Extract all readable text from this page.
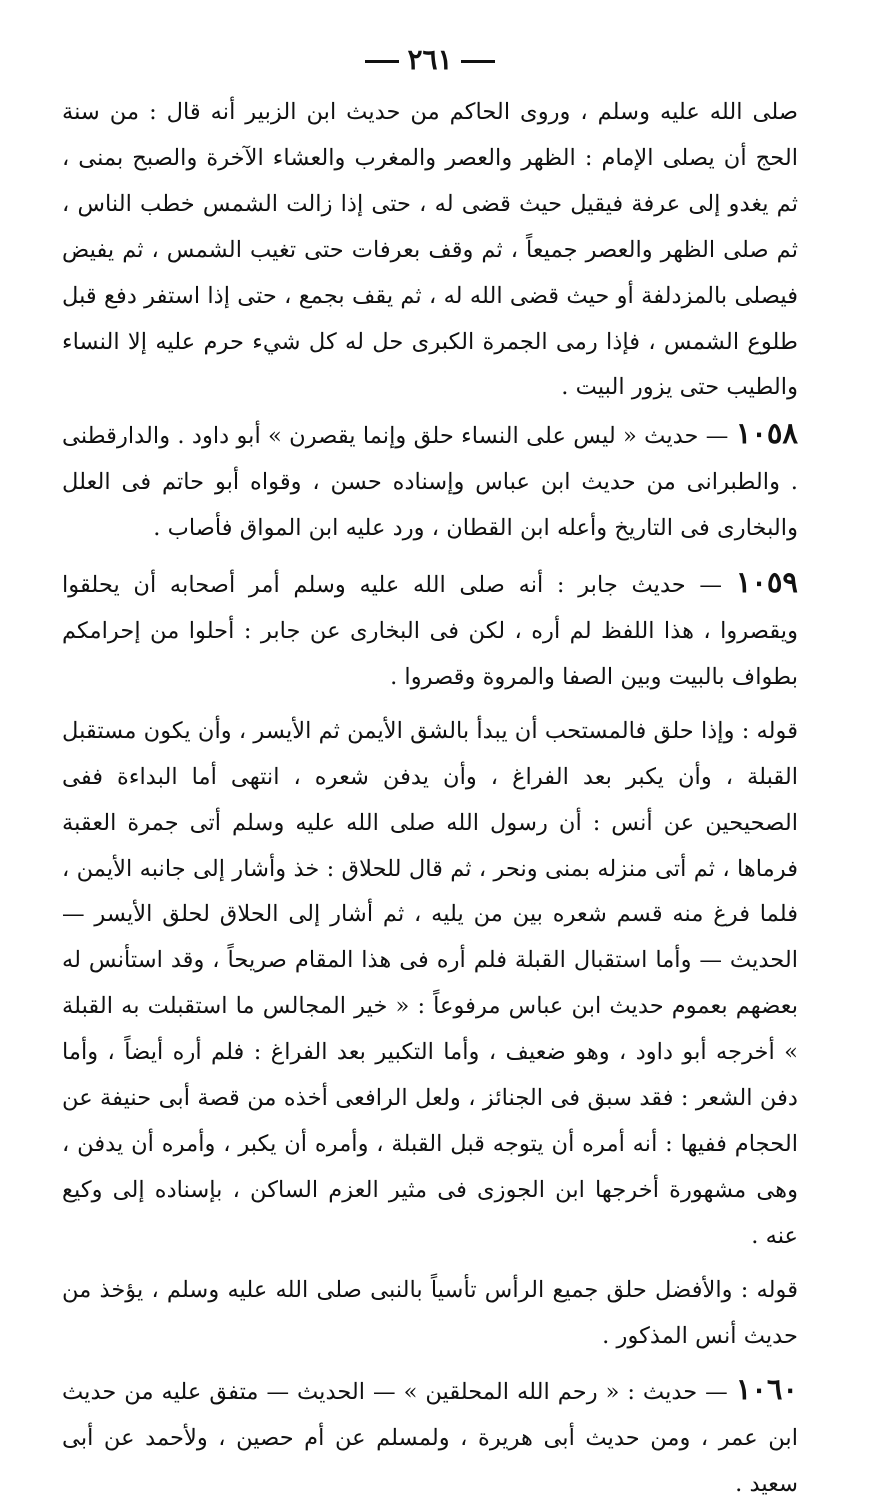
٢٦١

صلى الله عليه وسلم ، وروى الحاكم من حديث ابن الزبير أنه قال : من سنة الحج أن يصلى الإمام : الظهر والعصر والمغرب والعشاء الآخرة والصبح بمنى ، ثم يغدو إلى عرفة فيقيل حيث قضى له ، حتى إذا زالت الشمس خطب الناس ، ثم صلى الظهر والعصر جميعاً ، ثم وقف بعرفات حتى تغيب الشمس ، ثم يفيض فيصلى بالمزدلفة أو حيث قضى الله له ، ثم يقف بجمع ، حتى إذا استفر دفع قبل طلوع الشمس ، فإذا رمى الجمرة الكبرى حل له كل شيء حرم عليه إلا النساء والطيب حتى يزور البيت .

١٠٥٨ — حديث « ليس على النساء حلق وإنما يقصرن » أبو داود . والدارقطنى . والطبرانى من حديث ابن عباس وإسناده حسن ، وقواه أبو حاتم فى العلل والبخارى فى التاريخ وأعله ابن القطان ، ورد عليه ابن المواق فأصاب .

١٠٥٩ — حديث جابر : أنه صلى الله عليه وسلم أمر أصحابه أن يحلقوا ويقصروا ، هذا اللفظ لم أره ، لكن فى البخارى عن جابر : أحلوا من إحرامكم بطواف بالبيت وبين الصفا والمروة وقصروا .

قوله : وإذا حلق فالمستحب أن يبدأ بالشق الأيمن ثم الأيسر ، وأن يكون مستقبل القبلة ، وأن يكبر بعد الفراغ ، وأن يدفن شعره ، انتهى أما البداءة ففى الصحيحين عن أنس : أن رسول الله صلى الله عليه وسلم أتى جمرة العقبة فرماها ، ثم أتى منزله بمنى ونحر ، ثم قال للحلاق : خذ وأشار إلى جانبه الأيمن ، فلما فرغ منه قسم شعره بين من يليه ، ثم أشار إلى الحلاق لحلق الأيسر — الحديث — وأما استقبال القبلة فلم أره فى هذا المقام صريحاً ، وقد استأنس له بعضهم بعموم حديث ابن عباس مرفوعاً : « خير المجالس ما استقبلت به القبلة » أخرجه أبو داود ، وهو ضعيف ، وأما التكبير بعد الفراغ : فلم أره أيضاً ، وأما دفن الشعر : فقد سبق فى الجنائز ، ولعل الرافعى أخذه من قصة أبى حنيفة عن الحجام ففيها : أنه أمره أن يتوجه قبل القبلة ، وأمره أن يكبر ، وأمره أن يدفن ، وهى مشهورة أخرجها ابن الجوزى فى مثير العزم الساكن ، بإسناده إلى وكيع عنه .

قوله : والأفضل حلق جميع الرأس تأسياً بالنبى صلى الله عليه وسلم ، يؤخذ من حديث أنس المذكور .

١٠٦٠ — حديث : « رحم الله المحلقين » — الحديث — متفق عليه من حديث ابن عمر ، ومن حديث أبى هريرة ، ولمسلم عن أم حصين ، ولأحمد عن أبى سعيد .
